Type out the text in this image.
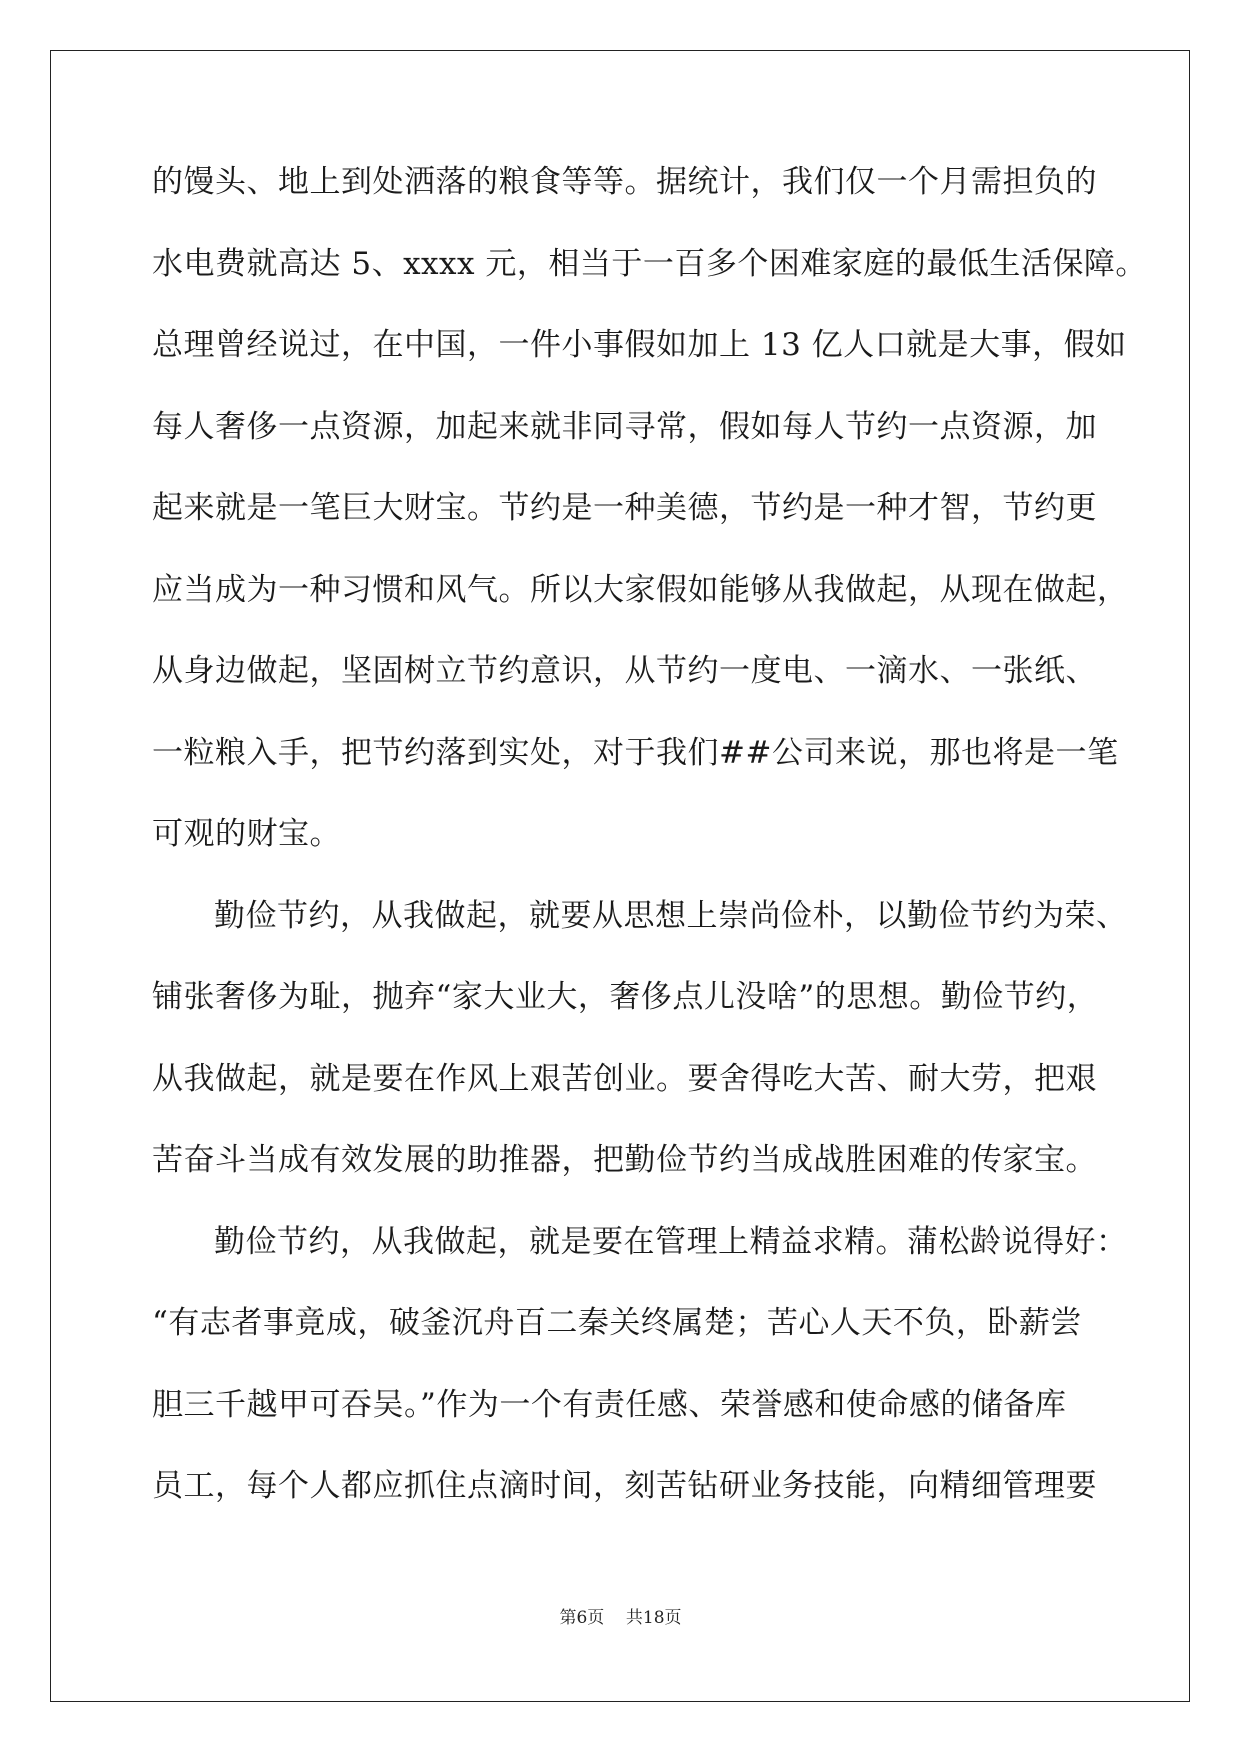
的馒头、地上到处洒落的粮食等等。据统计，我们仅一个月需担负的
水电费就高达 5、xxxx 元，相当于一百多个困难家庭的最低生活保障。
总理曾经说过，在中国，一件小事假如加上 13 亿人口就是大事，假如
每人奢侈一点资源，加起来就非同寻常，假如每人节约一点资源，加
起来就是一笔巨大财宝。节约是一种美德，节约是一种才智，节约更
应当成为一种习惯和风气。所以大家假如能够从我做起，从现在做起，
从身边做起，坚固树立节约意识，从节约一度电、一滴水、一张纸、
一粒粮入手，把节约落到实处，对于我们##公司来说，那也将是一笔
可观的财宝。
勤俭节约，从我做起，就要从思想上崇尚俭朴，以勤俭节约为荣、
铺张奢侈为耻，抛弃“家大业大，奢侈点儿没啥”的思想。勤俭节约，
从我做起，就是要在作风上艰苦创业。要舍得吃大苦、耐大劳，把艰
苦奋斗当成有效发展的助推器，把勤俭节约当成战胜困难的传家宝。
勤俭节约，从我做起，就是要在管理上精益求精。蒲松龄说得好：
“有志者事竟成，破釜沉舟百二秦关终属楚；苦心人天不负，卧薪尝
胆三千越甲可吞吴。”作为一个有责任感、荣誉感和使命感的储备库
员工，每个人都应抓住点滴时间，刻苦钻研业务技能，向精细管理要
第6页 共18页
